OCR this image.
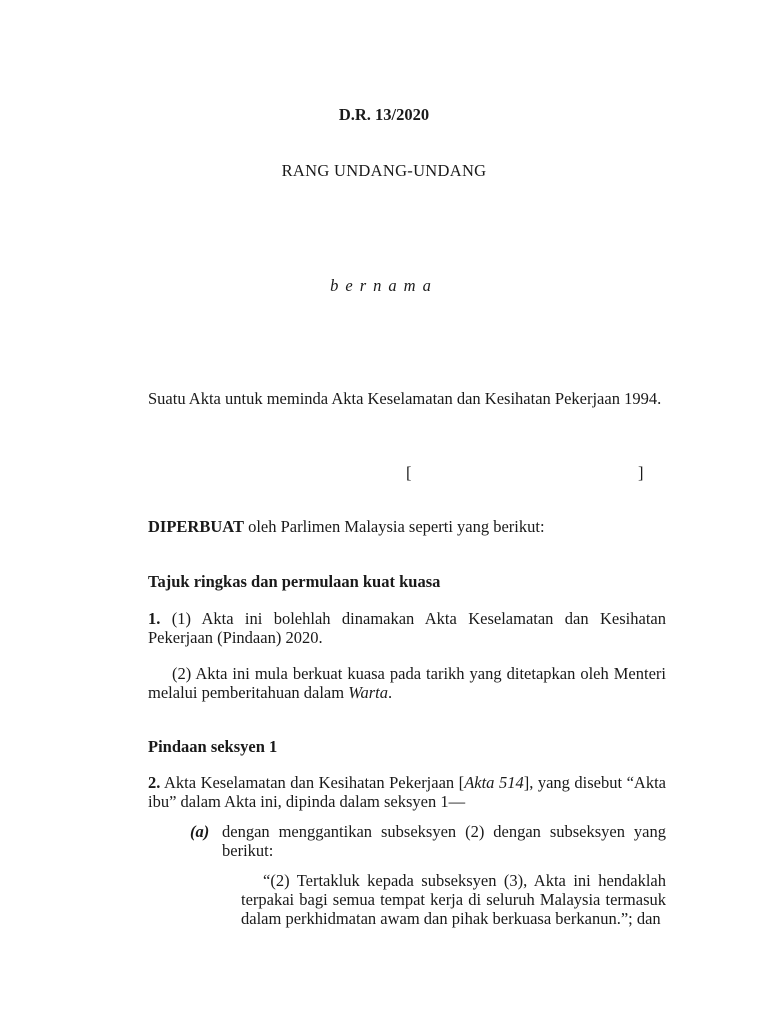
D.R. 13/2020

RANG UNDANG-UNDANG

bernama

Suatu Akta untuk meminda Akta Keselamatan dan Kesihatan Pekerjaan 1994.

[	]

DIPERBUAT oleh Parlimen Malaysia seperti yang berikut:

Tajuk ringkas dan permulaan kuat kuasa

1. (1) Akta ini bolehlah dinamakan Akta Keselamatan dan Kesihatan Pekerjaan (Pindaan) 2020.

(2) Akta ini mula berkuat kuasa pada tarikh yang ditetapkan oleh Menteri melalui pemberitahuan dalam Warta.

Pindaan seksyen 1

2. Akta Keselamatan dan Kesihatan Pekerjaan [Akta 514], yang disebut “Akta ibu” dalam Akta ini, dipinda dalam seksyen 1—

(a) dengan menggantikan subseksyen (2) dengan subseksyen yang berikut:

“(2) Tertakluk kepada subseksyen (3), Akta ini hendaklah terpakai bagi semua tempat kerja di seluruh Malaysia termasuk dalam perkhidmatan awam dan pihak berkuasa berkanun.”; dan
